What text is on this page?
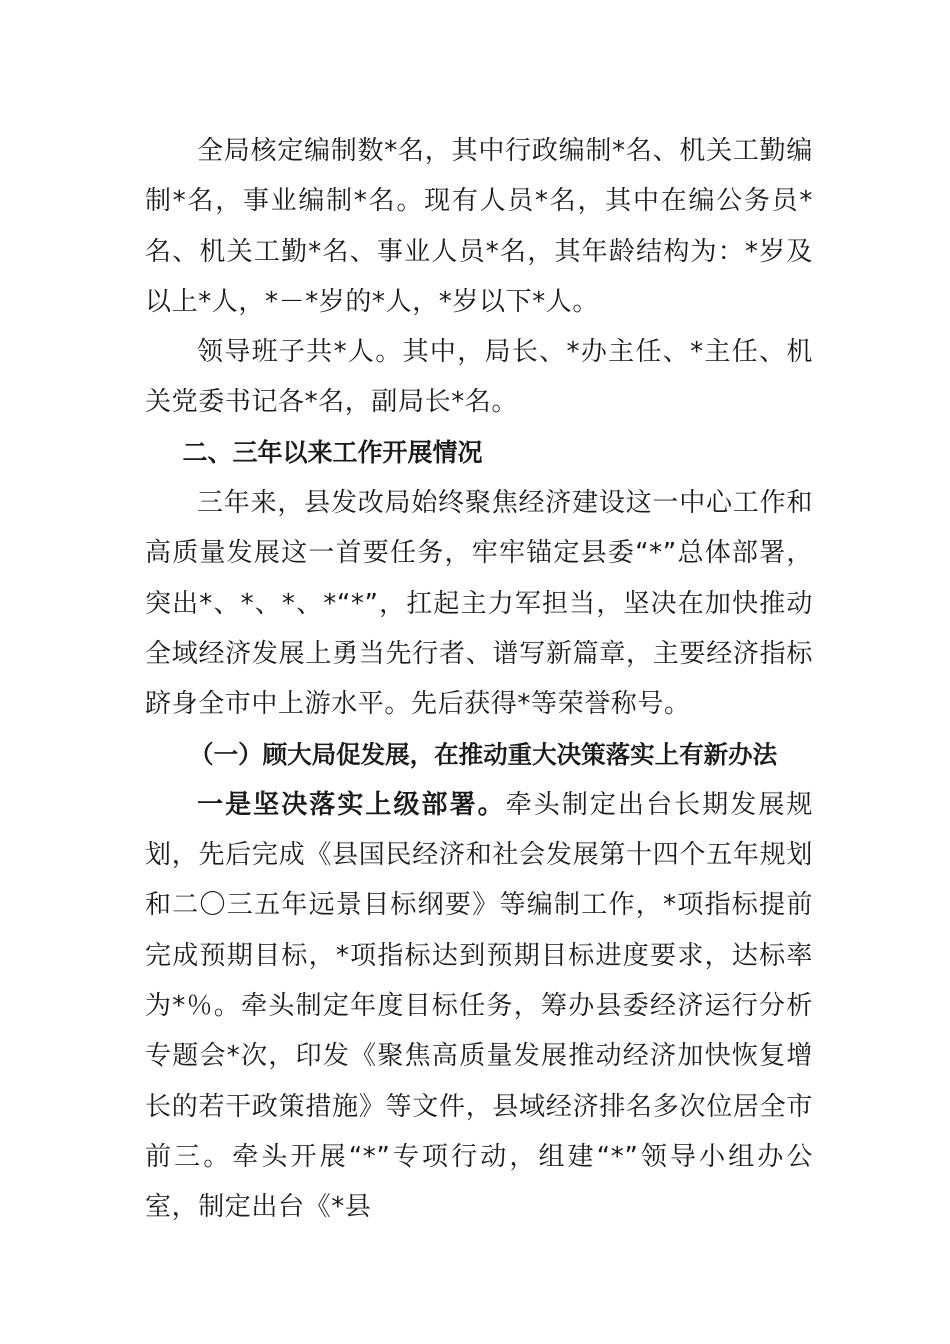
全局核定编制数*名，其中行政编制*名、机关工勤编制*名，事业编制*名。现有人员*名，其中在编公务员*名、机关工勤*名、事业人员*名，其年龄结构为：*岁及以上*人，*－*岁的*人，*岁以下*人。

领导班子共*人。其中，局长、*办主任、*主任、机关党委书记各*名，副局长*名。

二、三年以来工作开展情况

三年来，县发改局始终聚焦经济建设这一中心工作和高质量发展这一首要任务，牢牢锚定县委“*”总体部署，突出*、*、*、*“*”，扛起主力军担当，坚决在加快推动全域经济发展上勇当先行者、谱写新篇章，主要经济指标跻身全市中上游水平。先后获得*等荣誉称号。

（一）顾大局促发展，在推动重大决策落实上有新办法

一是坚决落实上级部署。牵头制定出台长期发展规划，先后完成《县国民经济和社会发展第十四个五年规划和二〇三五年远景目标纲要》等编制工作，*项指标提前完成预期目标，*项指标达到预期目标进度要求，达标率为*％。牵头制定年度目标任务，筹办县委经济运行分析专题会*次，印发《聚焦高质量发展推动经济加快恢复增长的若干政策措施》等文件，县域经济排名多次位居全市前三。牵头开展“*”专项行动，组建“*”领导小组办公室，制定出台《*县
